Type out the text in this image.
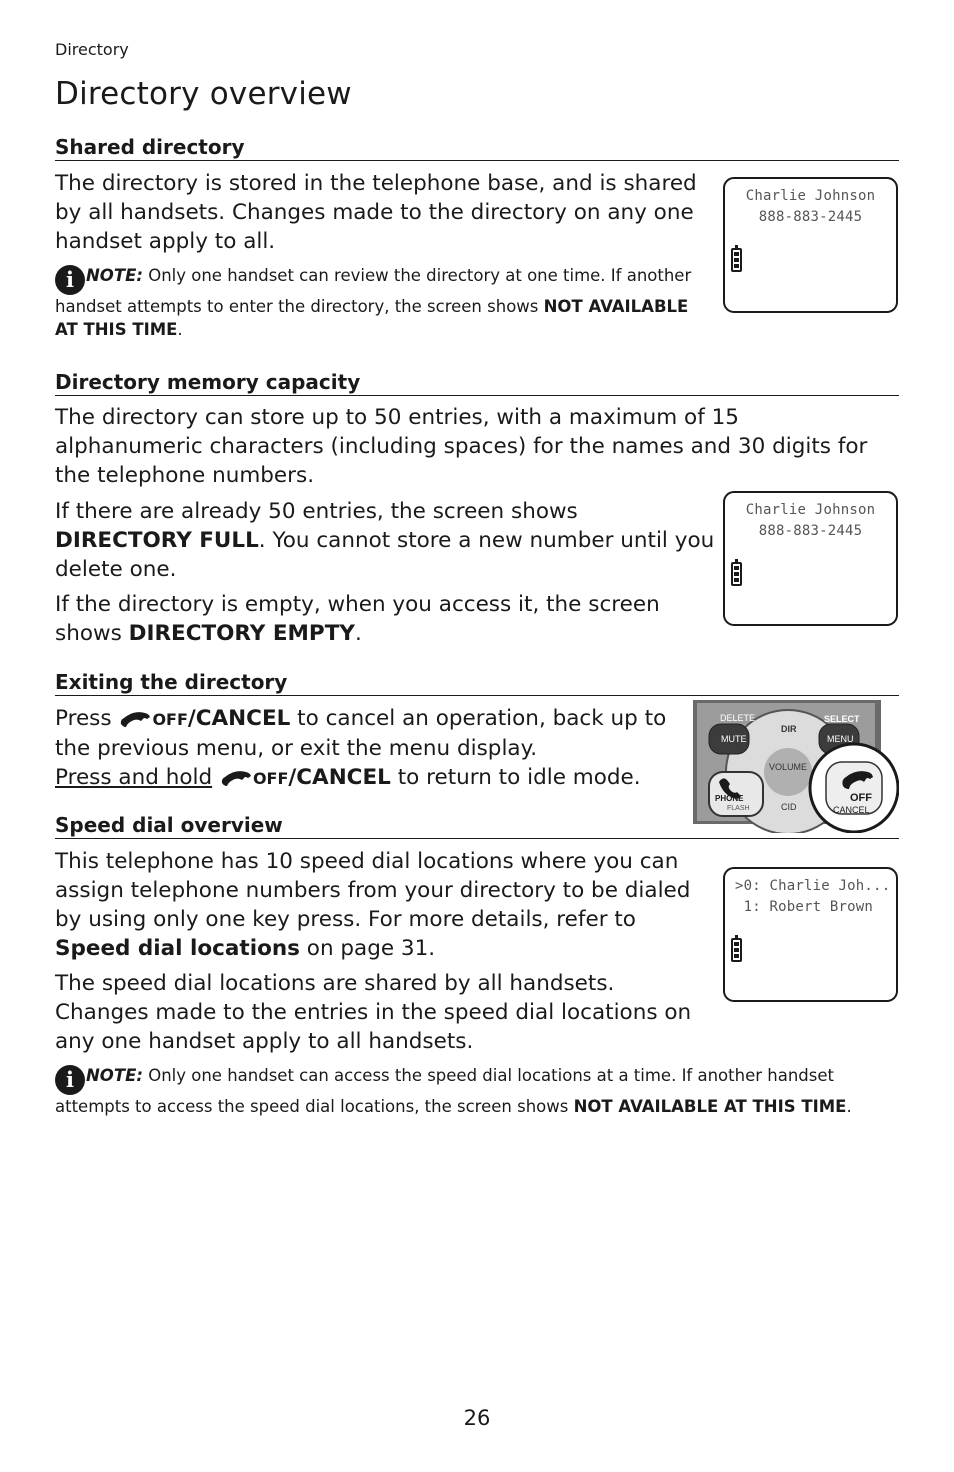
Directory
Directory overview
Shared directory

The directory is stored in the telephone base, and is shared by all handsets. Changes made to the directory on any one handset apply to all.

i NOTE: Only one handset can review the directory at one time. If another handset attempts to enter the directory, the screen shows NOT AVAILABLE AT THIS TIME.

Charlie Johnson
888-883-2445
Directory memory capacity

The directory can store up to 50 entries, with a maximum of 15 alphanumeric characters (including spaces) for the names and 30 digits for the telephone numbers.

If there are already 50 entries, the screen shows DIRECTORY FULL. You cannot store a new number until you delete one.

If the directory is empty, when you access it, the screen shows DIRECTORY EMPTY.

Charlie Johnson
888-883-2445
Exiting the directory

Press	OFF/CANCEL to cancel an operation, back up to the previous menu, or exit the menu display.
Press and hold	OFF/CANCEL to return to idle mode.

DELETE
MUTE
DIR
SELECT
MENU
VOLUME
CID
PHONE
FLASH
OFF
CANCEL
Speed dial overview

This telephone has 10 speed dial locations where you can assign telephone numbers from your directory to be dialed by using only one key press. For more details, refer to Speed dial locations on page 31.

The speed dial locations are shared by all handsets. Changes made to the entries in the speed dial locations on any one handset apply to all handsets.

>0: Charlie Joh...
1: Robert Brown

i NOTE: Only one handset can access the speed dial locations at a time. If another handset attempts to access the speed dial locations, the screen shows NOT AVAILABLE AT THIS TIME.

26
